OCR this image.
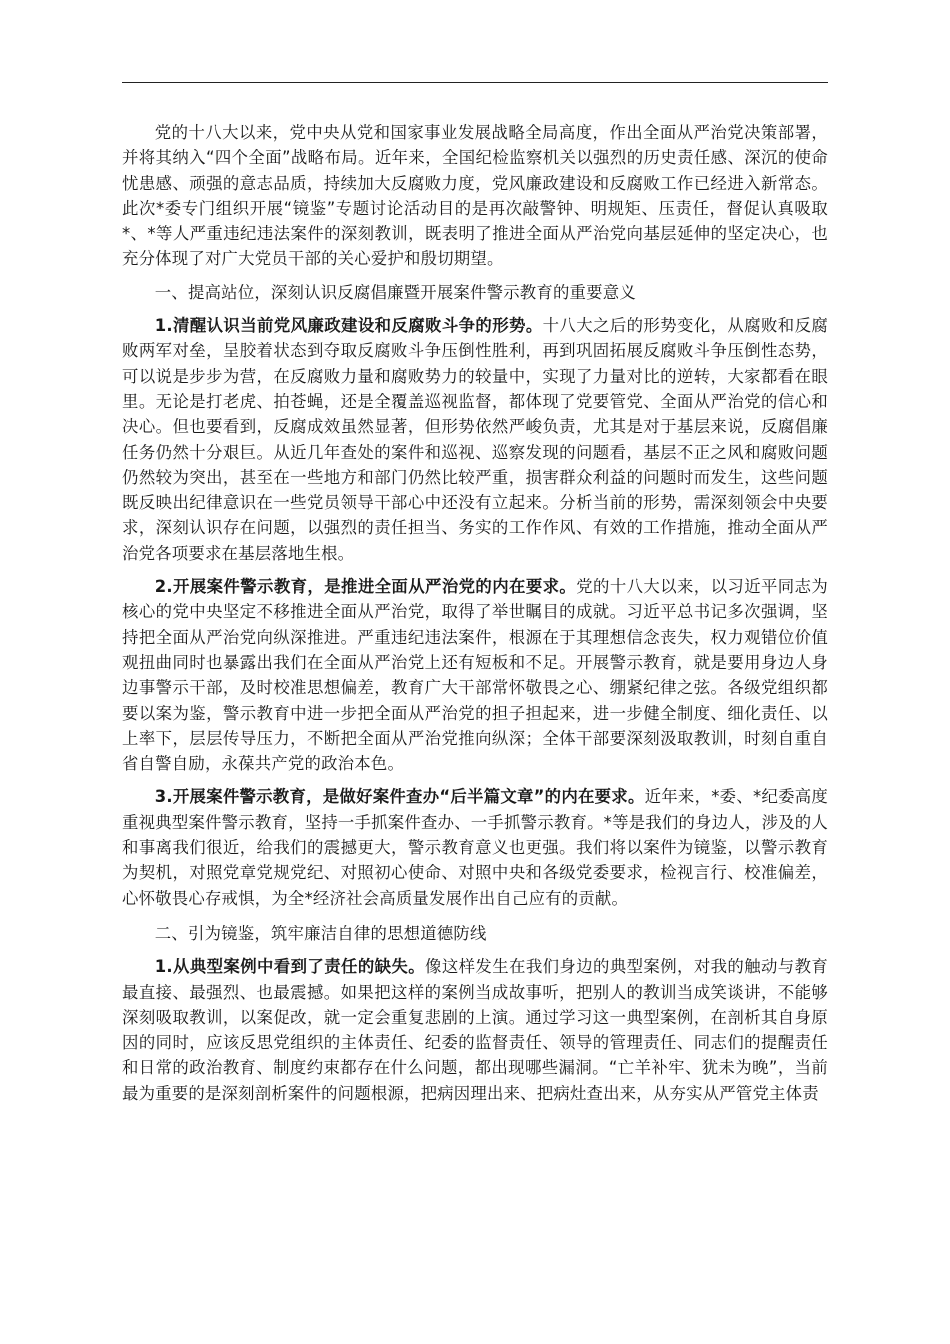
党的十八大以来，党中央从党和国家事业发展战略全局高度，作出全面从严治党决策部署，并将其纳入“四个全面”战略布局。近年来，全国纪检监察机关以强烈的历史责任感、深沉的使命忧患感、顽强的意志品质，持续加大反腐败力度，党风廉政建设和反腐败工作已经进入新常态。此次*委专门组织开展“镜鉴”专题讨论活动目的是再次敲警钟、明规矩、压责任，督促认真吸取*、*等人严重违纪违法案件的深刻教训，既表明了推进全面从严治党向基层延伸的坚定决心，也充分体现了对广大党员干部的关心爱护和殷切期望。

一、提高站位，深刻认识反腐倡廉暨开展案件警示教育的重要意义

1.清醒认识当前党风廉政建设和反腐败斗争的形势。十八大之后的形势变化，从腐败和反腐败两军对垒，呈胶着状态到夺取反腐败斗争压倒性胜利，再到巩固拓展反腐败斗争压倒性态势，可以说是步步为营，在反腐败力量和腐败势力的较量中，实现了力量对比的逆转，大家都看在眼里。无论是打老虎、拍苍蝇，还是全覆盖巡视监督，都体现了党要管党、全面从严治党的信心和决心。但也要看到，反腐成效虽然显著，但形势依然严峻负责，尤其是对于基层来说，反腐倡廉任务仍然十分艰巨。从近几年查处的案件和巡视、巡察发现的问题看，基层不正之风和腐败问题仍然较为突出，甚至在一些地方和部门仍然比较严重，损害群众利益的问题时而发生，这些问题既反映出纪律意识在一些党员领导干部心中还没有立起来。分析当前的形势，需深刻领会中央要求，深刻认识存在问题，以强烈的责任担当、务实的工作作风、有效的工作措施，推动全面从严治党各项要求在基层落地生根。

2.开展案件警示教育，是推进全面从严治党的内在要求。党的十八大以来，以习近平同志为核心的党中央坚定不移推进全面从严治党，取得了举世瞩目的成就。习近平总书记多次强调，坚持把全面从严治党向纵深推进。严重违纪违法案件，根源在于其理想信念丧失，权力观错位价值观扭曲同时也暴露出我们在全面从严治党上还有短板和不足。开展警示教育，就是要用身边人身边事警示干部，及时校准思想偏差，教育广大干部常怀敬畏之心、绷紧纪律之弦。各级党组织都要以案为鉴，警示教育中进一步把全面从严治党的担子担起来，进一步健全制度、细化责任、以上率下，层层传导压力，不断把全面从严治党推向纵深；全体干部要深刻汲取教训，时刻自重自省自警自励，永葆共产党的政治本色。

3.开展案件警示教育，是做好案件查办“后半篇文章”的内在要求。近年来，*委、*纪委高度重视典型案件警示教育，坚持一手抓案件查办、一手抓警示教育。*等是我们的身边人，涉及的人和事离我们很近，给我们的震撼更大，警示教育意义也更强。我们将以案件为镜鉴，以警示教育为契机，对照党章党规党纪、对照初心使命、对照中央和各级党委要求，检视言行、校准偏差，心怀敬畏心存戒惧，为全*经济社会高质量发展作出自己应有的贡献。

二、引为镜鉴，筑牢廉洁自律的思想道德防线

1.从典型案例中看到了责任的缺失。像这样发生在我们身边的典型案例，对我的触动与教育最直接、最强烈、也最震撼。如果把这样的案例当成故事听，把别人的教训当成笑谈讲，不能够深刻吸取教训，以案促改，就一定会重复悲剧的上演。通过学习这一典型案例，在剖析其自身原因的同时，应该反思党组织的主体责任、纪委的监督责任、领导的管理责任、同志们的提醒责任和日常的政治教育、制度约束都存在什么问题，都出现哪些漏洞。“亡羊补牢、犹未为晚”，当前最为重要的是深刻剖析案件的问题根源，把病因理出来、把病灶查出来，从夯实从严管党主体责
